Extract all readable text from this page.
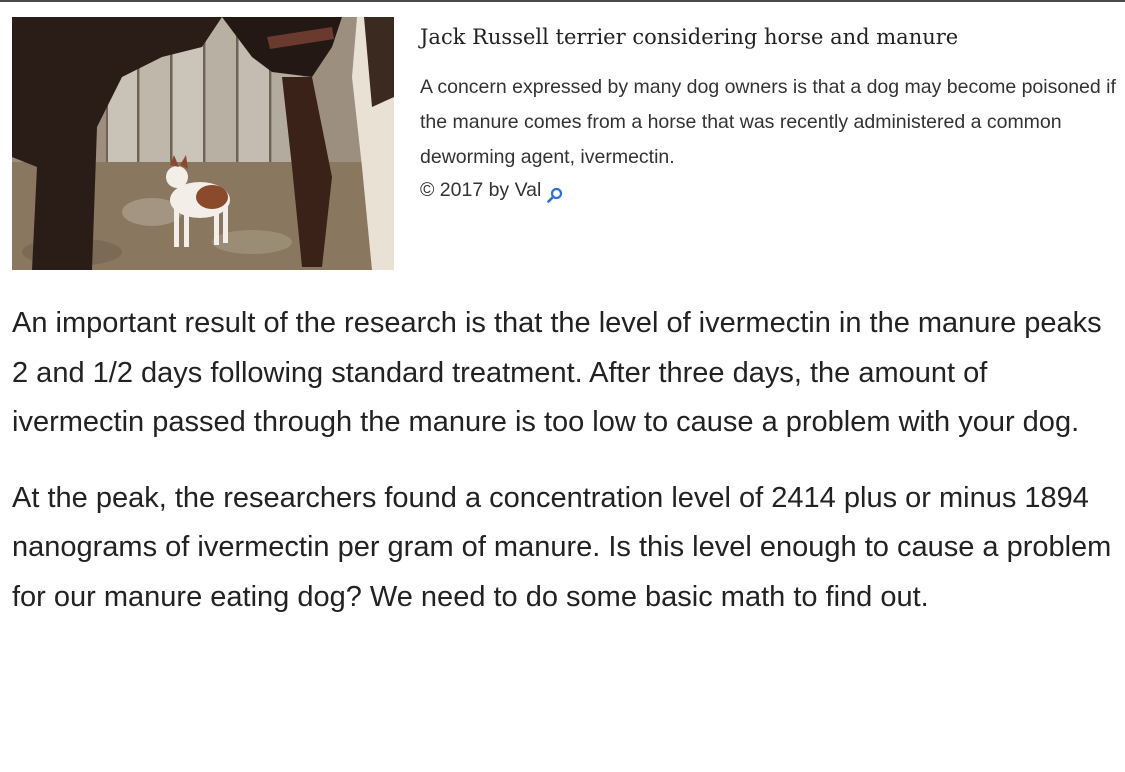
Jack Russell terrier considering horse and manure

A concern expressed by many dog owners is that a dog may become poisoned if the manure comes from a horse that was recently administered a common deworming agent, ivermectin.

© 2017 by Val

An important result of the research is that the level of ivermectin in the manure peaks 2 and 1/2 days following standard treatment. After three days, the amount of ivermectin passed through the manure is too low to cause a problem with your dog.

At the peak, the researchers found a concentration level of 2414 plus or minus 1894 nanograms of ivermectin per gram of manure. Is this level enough to cause a problem for our manure eating dog? We need to do some basic math to find out.
